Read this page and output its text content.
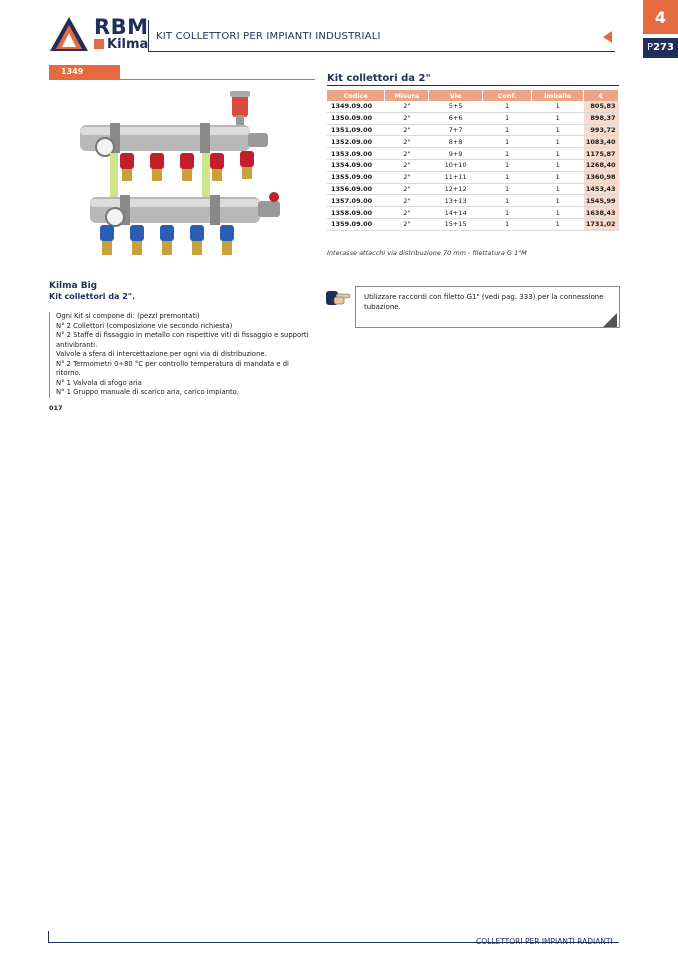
RBM
Kilma
KIT COLLETTORI PER IMPIANTI INDUSTRIALI
4
P273
1349
Kit collettori da 2"
Codice	Misura	Vie	Conf.	Imballo	€
1349.09.00	2"	5+5	1	1	805,83
1350.09.00	2"	6+6	1	1	898,37
1351.09.00	2"	7+7	1	1	993,72
1352.09.00	2"	8+8	1	1	1083,40
1353.09.00	2"	9+9	1	1	1175,87
1354.09.00	2"	10+10	1	1	1268,40
1355.09.00	2"	11+11	1	1	1360,98
1356.09.00	2"	12+12	1	1	1453,43
1357.09.00	2"	13+13	1	1	1545,99
1358.09.00	2"	14+14	1	1	1638,43
1359.09.00	2"	15+15	1	1	1731,02
Interasse attacchi via distribuzione 70 mm - filettatura G 1"M
Kilma Big
Kit collettori da 2".
Ogni Kit si compone di: (pezzi premontati)
N° 2 Collettori (composizione vie secondo richiesta)
N° 2 Staffe di fissaggio in metallo con rispettive viti di fissaggio e supporti antivibranti.
Valvole a sfera di intercettazione per ogni via di distribuzione.
N° 2 Termometri 0÷80 °C per controllo temperatura di mandata e di ritorno.
N° 1 Valvola di sfogo aria
N° 1 Gruppo manuale di scarico aria, carico impianto.
017
Utilizzare raccordi con filetto G1" (vedi pag. 333) per la connessione tubazione.
COLLETTORI PER IMPIANTI RADIANTI
